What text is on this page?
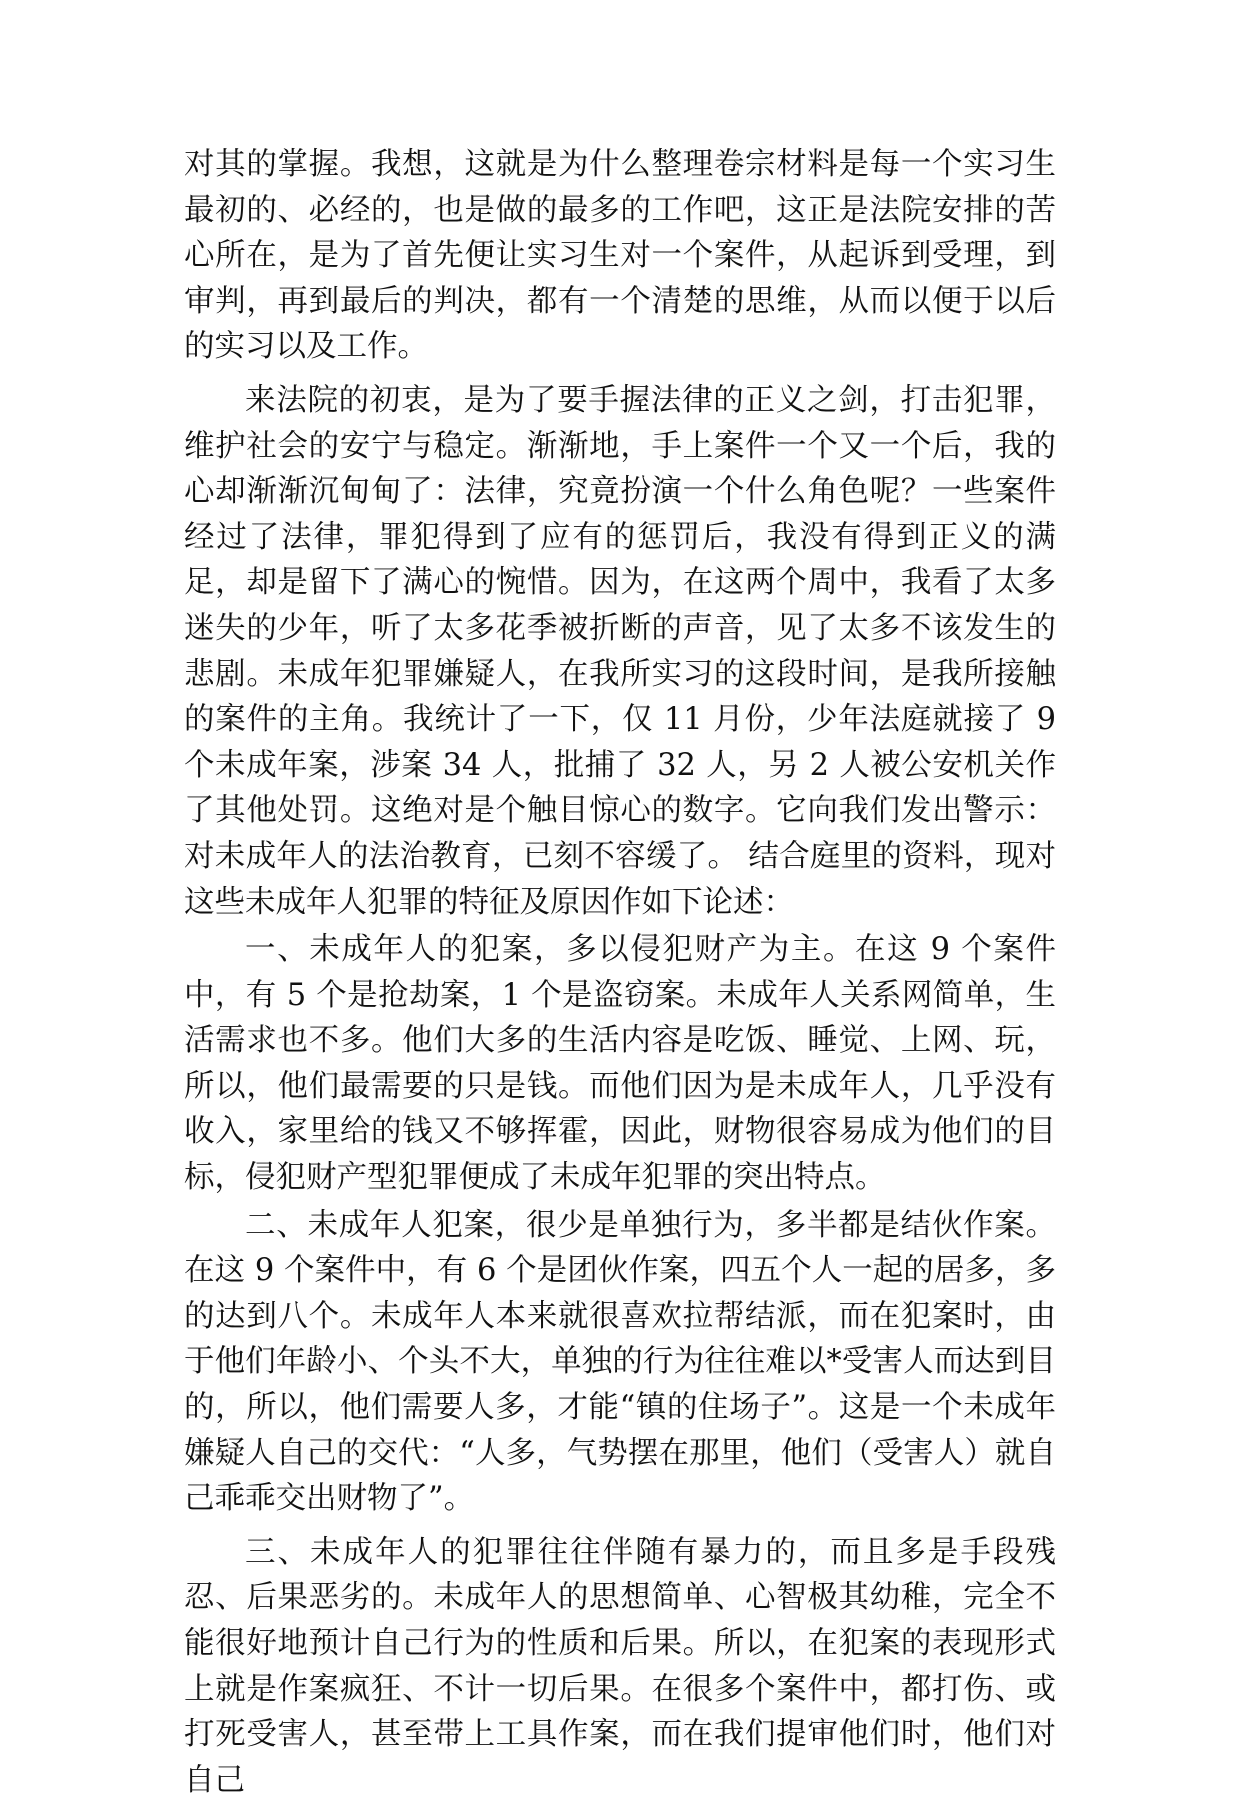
对其的掌握。我想，这就是为什么整理卷宗材料是每一个实习生最初的、必经的，也是做的最多的工作吧，这正是法院安排的苦心所在，是为了首先便让实习生对一个案件，从起诉到受理，到审判，再到最后的判决，都有一个清楚的思维，从而以便于以后的实习以及工作。

来法院的初衷，是为了要手握法律的正义之剑，打击犯罪，维护社会的安宁与稳定。渐渐地，手上案件一个又一个后，我的心却渐渐沉甸甸了：法律，究竟扮演一个什么角色呢？一些案件经过了法律，罪犯得到了应有的惩罚后，我没有得到正义的满足，却是留下了满心的惋惜。因为，在这两个周中，我看了太多迷失的少年，听了太多花季被折断的声音，见了太多不该发生的悲剧。未成年犯罪嫌疑人，在我所实习的这段时间，是我所接触的案件的主角。我统计了一下，仅 11 月份，少年法庭就接了 9 个未成年案，涉案 34 人，批捕了 32 人，另 2 人被公安机关作了其他处罚。这绝对是个触目惊心的数字。它向我们发出警示：对未成年人的法治教育，已刻不容缓了。 结合庭里的资料，现对这些未成年人犯罪的特征及原因作如下论述：

一、未成年人的犯案，多以侵犯财产为主。在这 9 个案件中，有 5 个是抢劫案，1 个是盗窃案。未成年人关系网简单，生活需求也不多。他们大多的生活内容是吃饭、睡觉、上网、玩，所以，他们最需要的只是钱。而他们因为是未成年人，几乎没有收入，家里给的钱又不够挥霍，因此，财物很容易成为他们的目标，侵犯财产型犯罪便成了未成年犯罪的突出特点。

二、未成年人犯案，很少是单独行为，多半都是结伙作案。在这 9 个案件中，有 6 个是团伙作案，四五个人一起的居多，多的达到八个。未成年人本来就很喜欢拉帮结派，而在犯案时，由于他们年龄小、个头不大，单独的行为往往难以*受害人而达到目的，所以，他们需要人多，才能“镇的住场子”。这是一个未成年嫌疑人自己的交代：“人多，气势摆在那里，他们（受害人）就自己乖乖交出财物了”。

三、未成年人的犯罪往往伴随有暴力的，而且多是手段残忍、后果恶劣的。未成年人的思想简单、心智极其幼稚，完全不能很好地预计自己行为的性质和后果。所以，在犯案的表现形式上就是作案疯狂、不计一切后果。在很多个案件中，都打伤、或打死受害人，甚至带上工具作案，而在我们提审他们时，他们对自己
